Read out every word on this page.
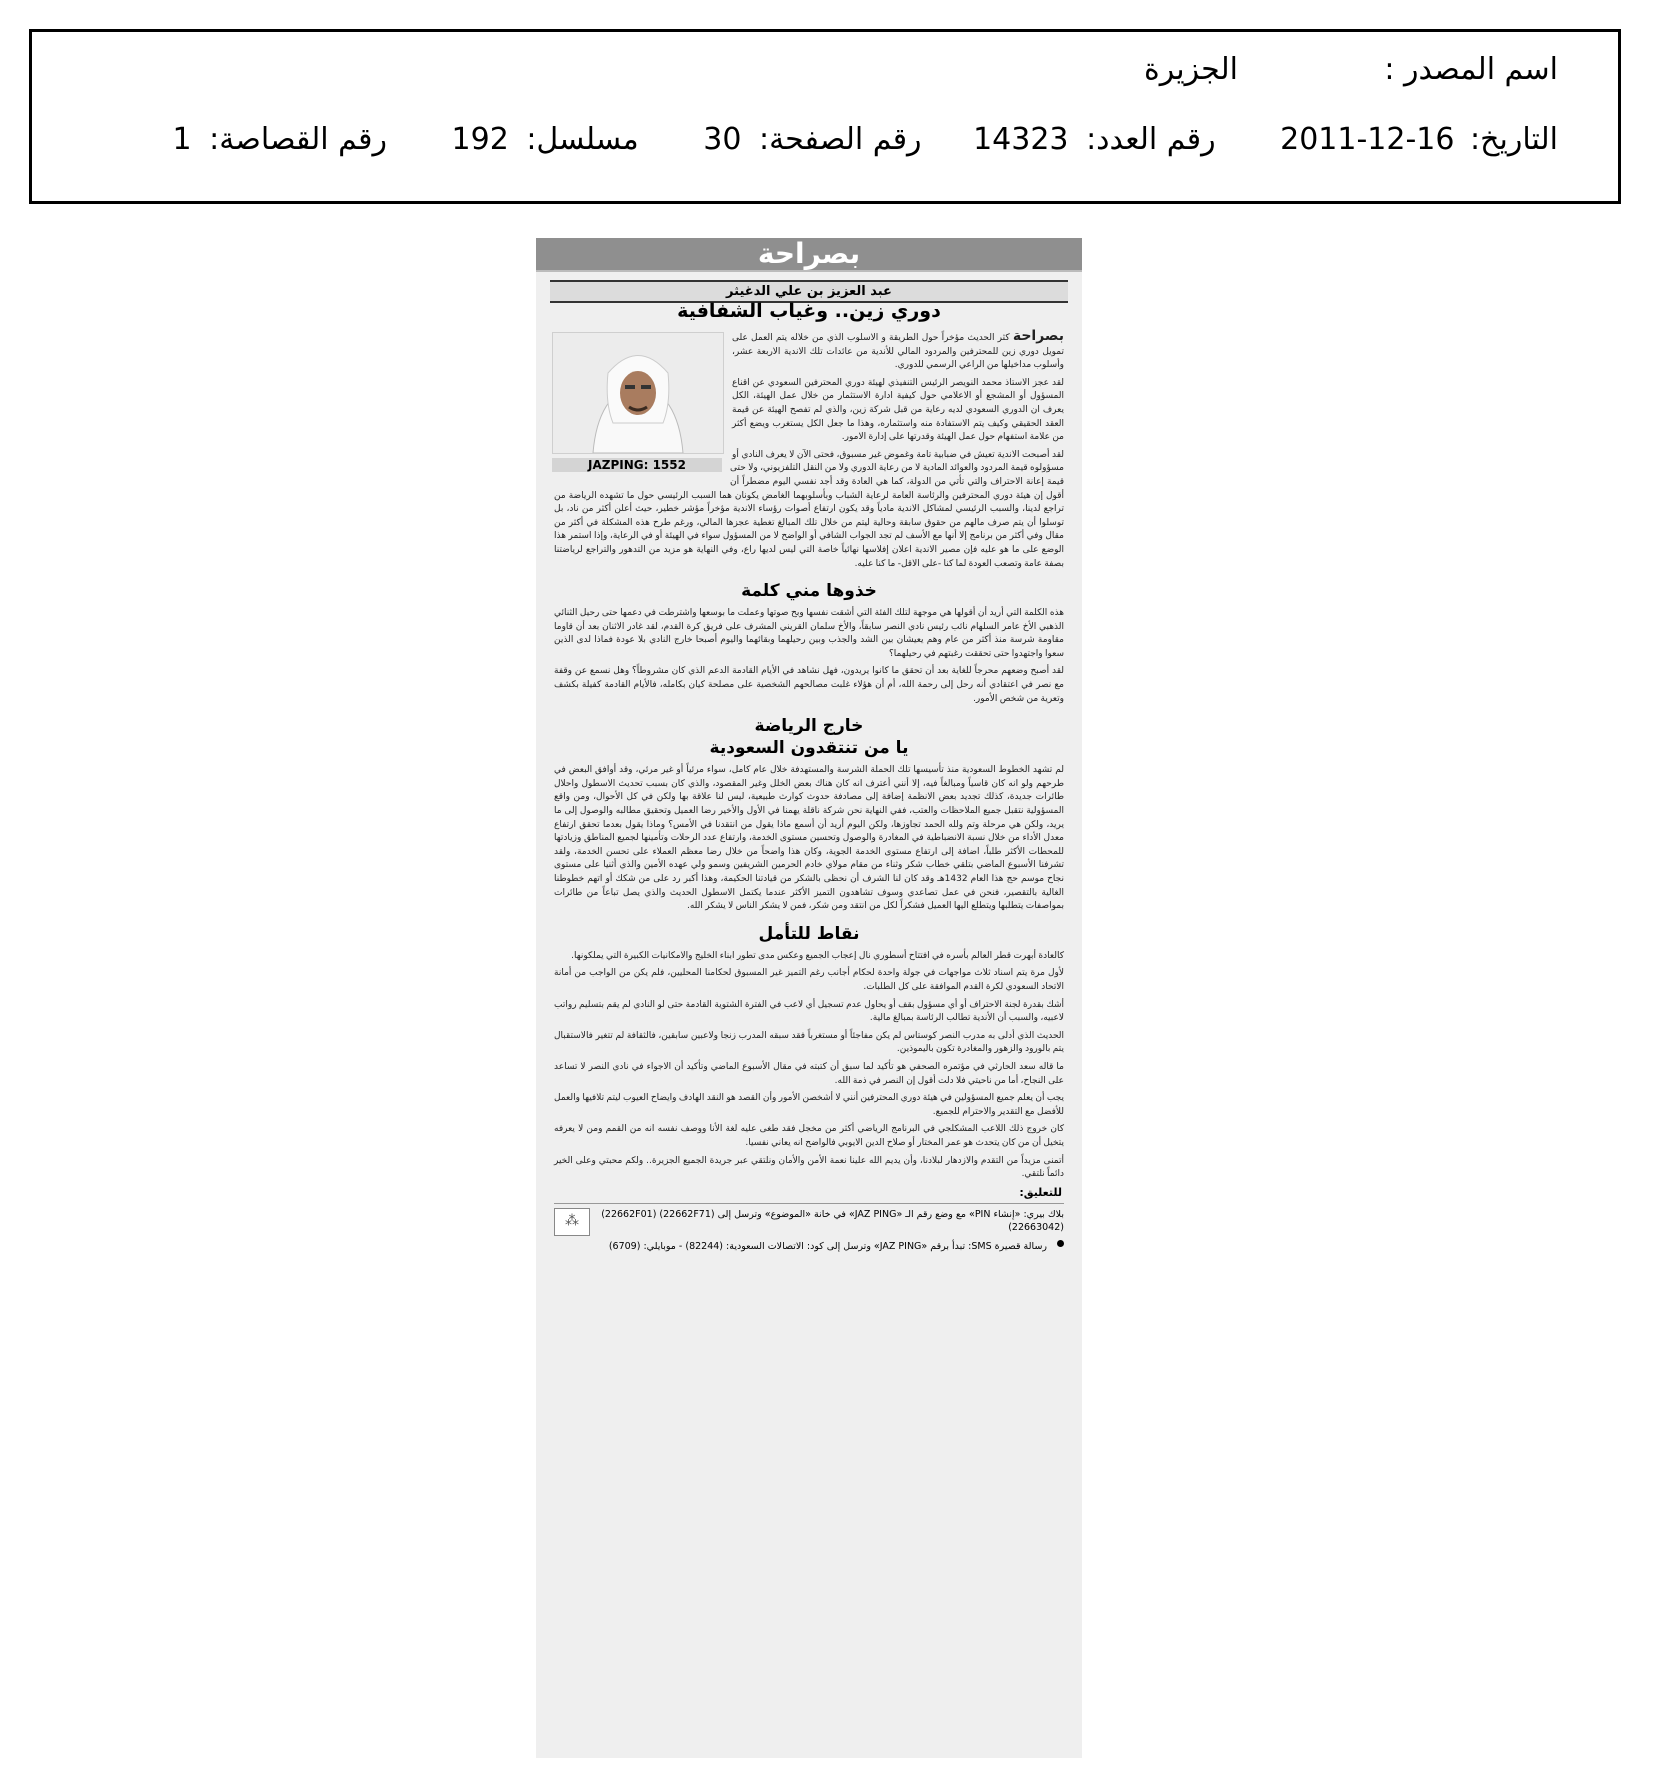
اسم المصدر :
الجزيرة
التاريخ: 2011-12-16 رقم العدد: 14323 رقم الصفحة: 30 مسلسل: 192 رقم القصاصة: 1
بصراحة
عبد العزيز بن علي الدغيثر
دوري زين.. وغياب الشفافية
JAZPING: 1552

بصراحة كثر الحديث مؤخراً حول الطريقة و الاسلوب الذي من خلاله يتم العمل على تمويل دوري زين للمحترفين والمردود المالي للأندية من عائدات تلك الاندية الاربعة عشر، وأسلوب مداخيلها من الراعي الرسمي للدوري.

لقد عجز الاستاذ محمد النويصر الرئيس التنفيذي لهيئة دوري المحترفين السعودي عن اقناع المسؤول أو المشجع أو الاعلامي حول كيفية ادارة الاستثمار من خلال عمل الهيئة، الكل يعرف ان الدوري السعودي لديه رعاية من قبل شركة زين، والذي لم تفصح الهيئة عن قيمة العقد الحقيقي وكيف يتم الاستفادة منه واستثماره، وهذا ما جعل الكل يستغرب ويضع أكثر من علامة استفهام حول عمل الهيئة وقدرتها على إدارة الامور.

لقد أصبحت الاندية تعيش في ضبابية تامة وغموض غير مسبوق، فحتى الآن لا يعرف النادي أو مسؤولوه قيمة المردود والعوائد المادية لا من رعاية الدوري ولا من النقل التلفزيوني، ولا حتى قيمة إعانة الاحتراف والتي تأتي من الدولة، كما هي العادة وقد أجد نفسي اليوم مضطراً أن أقول إن هيئة دوري المحترفين والرئاسة العامة لرعاية الشباب وبأسلوبهما الغامض يكونان هما السبب الرئيسي حول ما تشهده الرياضة من تراجع لدينا، والسبب الرئيسي لمشاكل الاندية مادياً وقد يكون ارتفاع أصوات رؤساء الاندية مؤخراً مؤشر خطير، حيث أعلن أكثر من ناد، بل توسلوا أن يتم صرف مالهم من حقوق سابقة وحالية ليتم من خلال تلك المبالغ تغطية عجزها المالي، ورغم طرح هذه المشكلة في أكثر من مقال وفي أكثر من برنامج إلا أنها مع الأسف لم تجد الجواب الشافي أو الواضح لا من المسؤول سواء في الهيئة أو في الرعاية، وإذا استمر هذا الوضع على ما هو عليه فإن مصير الاندية اعلان إفلاسها نهائياً خاصة التي ليس لديها راع، وفي النهاية هو مزيد من التدهور والتراجع لرياضتنا بصفة عامة وتصعب العودة لما كنا -على الاقل- ما كنا عليه.

خذوها مني كلمة

هذه الكلمة التي أريد أن أقولها هي موجهة لتلك الفئة التي أشقت نفسها وبح صوتها وعملت ما بوسعها واشترطت في دعمها حتى رحيل الثنائي الذهبي الأخ عامر السلهام نائب رئيس نادي النصر سابقاً، والأخ سلمان القريني المشرف على فريق كرة القدم، لقد غادر الاثنان بعد أن قاوما مقاومة شرسة منذ أكثر من عام وهم يعيشان بين الشد والجذب وبين رحيلهما وبقائهما واليوم أصبحا خارج النادي بلا عودة فماذا لدى الذين سعوا واجتهدوا حتى تحققت رغبتهم في رحيلهما؟

لقد أصبح وضعهم محرجاً للغاية بعد أن تحقق ما كانوا يريدون، فهل نشاهد في الأيام القادمة الدعم الذي كان مشروطاً؟ وهل نسمع عن وقفة مع نصر في اعتقادي أنه رحل إلى رحمة الله، أم أن هؤلاء غلبت مصالحهم الشخصية على مصلحة كيان بكامله، فالأيام القادمة كفيلة بكشف وتعرية من شخص الأمور.

خارج الرياضة
يا من تنتقدون السعودية

لم تشهد الخطوط السعودية منذ تأسيسها تلك الحملة الشرسة والمستهدفة خلال عام كامل، سواء مرئياً أو غير مرئي، وقد أوافق البعض في طرحهم ولو انه كان قاسياً ومبالغاً فيه، إلا أنني أعترف انه كان هناك بعض الخلل وغير المقصود، والذي كان بسبب تحديث الاسطول واحلال طائرات جديدة، كذلك تجديد بعض الانظمة إضافة إلى مصادفة حدوث كوارث طبيعية، ليس لنا علاقة بها ولكن في كل الأحوال، ومن واقع المسؤولية نتقبل جميع الملاحظات والعتب، ففي النهاية نحن شركة ناقلة يهمنا في الأول والأخير رضا العميل وتحقيق مطالبه والوصول إلى ما يريد، ولكن هي مرحلة وتم ولله الحمد تجاوزها، ولكن اليوم أريد أن أسمع ماذا يقول من انتقدنا في الأمس؟ وماذا يقول بعدما تحقق ارتفاع معدل الأداء من خلال نسبة الانضباطية في المغادرة والوصول وتحسين مستوى الخدمة، وارتفاع عدد الرحلات وتأمينها لجميع المناطق وزيادتها للمحطات الأكثر طلباً، اضافة إلى ارتفاع مستوى الخدمة الجوية، وكان هذا واضحاً من خلال رضا معظم العملاء على تحسن الخدمة، ولقد تشرفنا الأسبوع الماضي بتلقي خطاب شكر وثناء من مقام مولاي خادم الحرمين الشريفين وسمو ولي عهده الأمين والذي أثنيا على مستوى نجاح موسم حج هذا العام 1432هـ وقد كان لنا الشرف أن نحظى بالشكر من قيادتنا الحكيمة، وهذا أكبر رد على من شكك أو اتهم خطوطنا الغالية بالتقصير، فنحن في عمل تصاعدي وسوف تشاهدون التميز الأكثر عندما يكتمل الاسطول الحديث والذي يصل تباعاً من طائرات بمواصفات يتطلبها ويتطلع اليها العميل فشكراً لكل من انتقد ومن شكر، فمن لا يشكر الناس لا يشكر الله.

نقاط للتأمل

كالعادة أبهرت قطر العالم بأسره في افتتاح أسطوري نال إعجاب الجميع وعكس مدى تطور ابناء الخليج والامكانيات الكبيرة التي يملكونها.

لأول مرة يتم اسناد ثلاث مواجهات في جولة واحدة لحكام أجانب رغم التميز غير المسبوق لحكامنا المحليين، فلم يكن من الواجب من أمانة الاتحاد السعودي لكرة القدم الموافقة على كل الطلبات.

أشك بقدرة لجنة الاحتراف أو أي مسؤول بقف أو يحاول عدم تسجيل أي لاعب في الفترة الشتوية القادمة حتى لو النادي لم يقم بتسليم رواتب لاعبيه، والسبب أن الأندية تطالب الرئاسة بمبالغ مالية.

الحديث الذي أدلى به مدرب النصر كوستاس لم يكن مفاجئاً أو مستغرباً فقد سبقه المدرب زنجا ولاعبين سابقين، فالثقافة لم تتغير فالاستقبال يتم بالورود والزهور والمغادرة تكون باليموذين.

ما قاله سعد الحارثي في مؤتمره الصحفي هو تأكيد لما سبق أن كتبته في مقال الأسبوع الماضي وتأكيد أن الاجواء في نادي النصر لا تساعد على النجاح، أما من ناحيتي فلا دلت أقول إن النصر في ذمة الله.

يجب أن يعلم جميع المسؤولين في هيئة دوري المحترفين أنني لا أشخصن الأمور وأن القصد هو النقد الهادف وايضاح العيوب ليتم تلافيها والعمل للأفضل مع التقدير والاحترام للجميع.

كان خروج ذلك اللاعب المشكلجي في البرنامج الرياضي أكثر من مخجل فقد طغى عليه لغة الأنا ووصف نفسه انه من القمم ومن لا يعرفه يتخيل أن من كان يتحدث هو عمر المختار أو صلاح الدين الايوبي فالواضح انه يعاني نفسيا.

أتمنى مزيداً من التقدم والازدهار لبلادنا، وأن يديم الله علينا نعمة الأمن والأمان ونلتقي عبر جريدة الجميع الجزيرة.. ولكم محبتي وعلى الخير دائماً نلتقي.

للتعليق:
بلاك بيري: «إنشاء PIN» مع وضع رقم الـ «JAZ PING» في خانة «الموضوع» وترسل إلى (22662F71) (22662F01) (22663042)
⁂
رسالة قصيرة SMS: تبدأ برقم «JAZ PING» وترسل إلى كود: الاتصالات السعودية: (82244) - موبايلي: (6709)
